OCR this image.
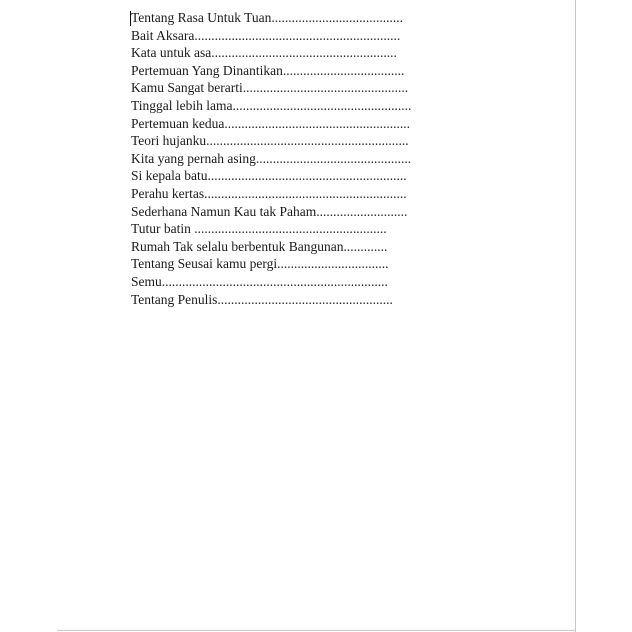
Tentang Rasa Untuk Tuan.......................................
Bait Aksara.............................................................
Kata untuk asa.......................................................
Pertemuan Yang Dinantikan....................................
Kamu Sangat berarti.................................................
Tinggal lebih lama.....................................................
Pertemuan kedua.......................................................
Teori hujanku............................................................
Kita yang pernah asing..............................................
Si kepala batu...........................................................
Perahu kertas............................................................
Sederhana Namun Kau tak Paham...........................
Tutur batin .........................................................
Rumah Tak selalu berbentuk Bangunan.............
Tentang Seusai kamu pergi.................................
Semu...................................................................
Tentang Penulis....................................................
